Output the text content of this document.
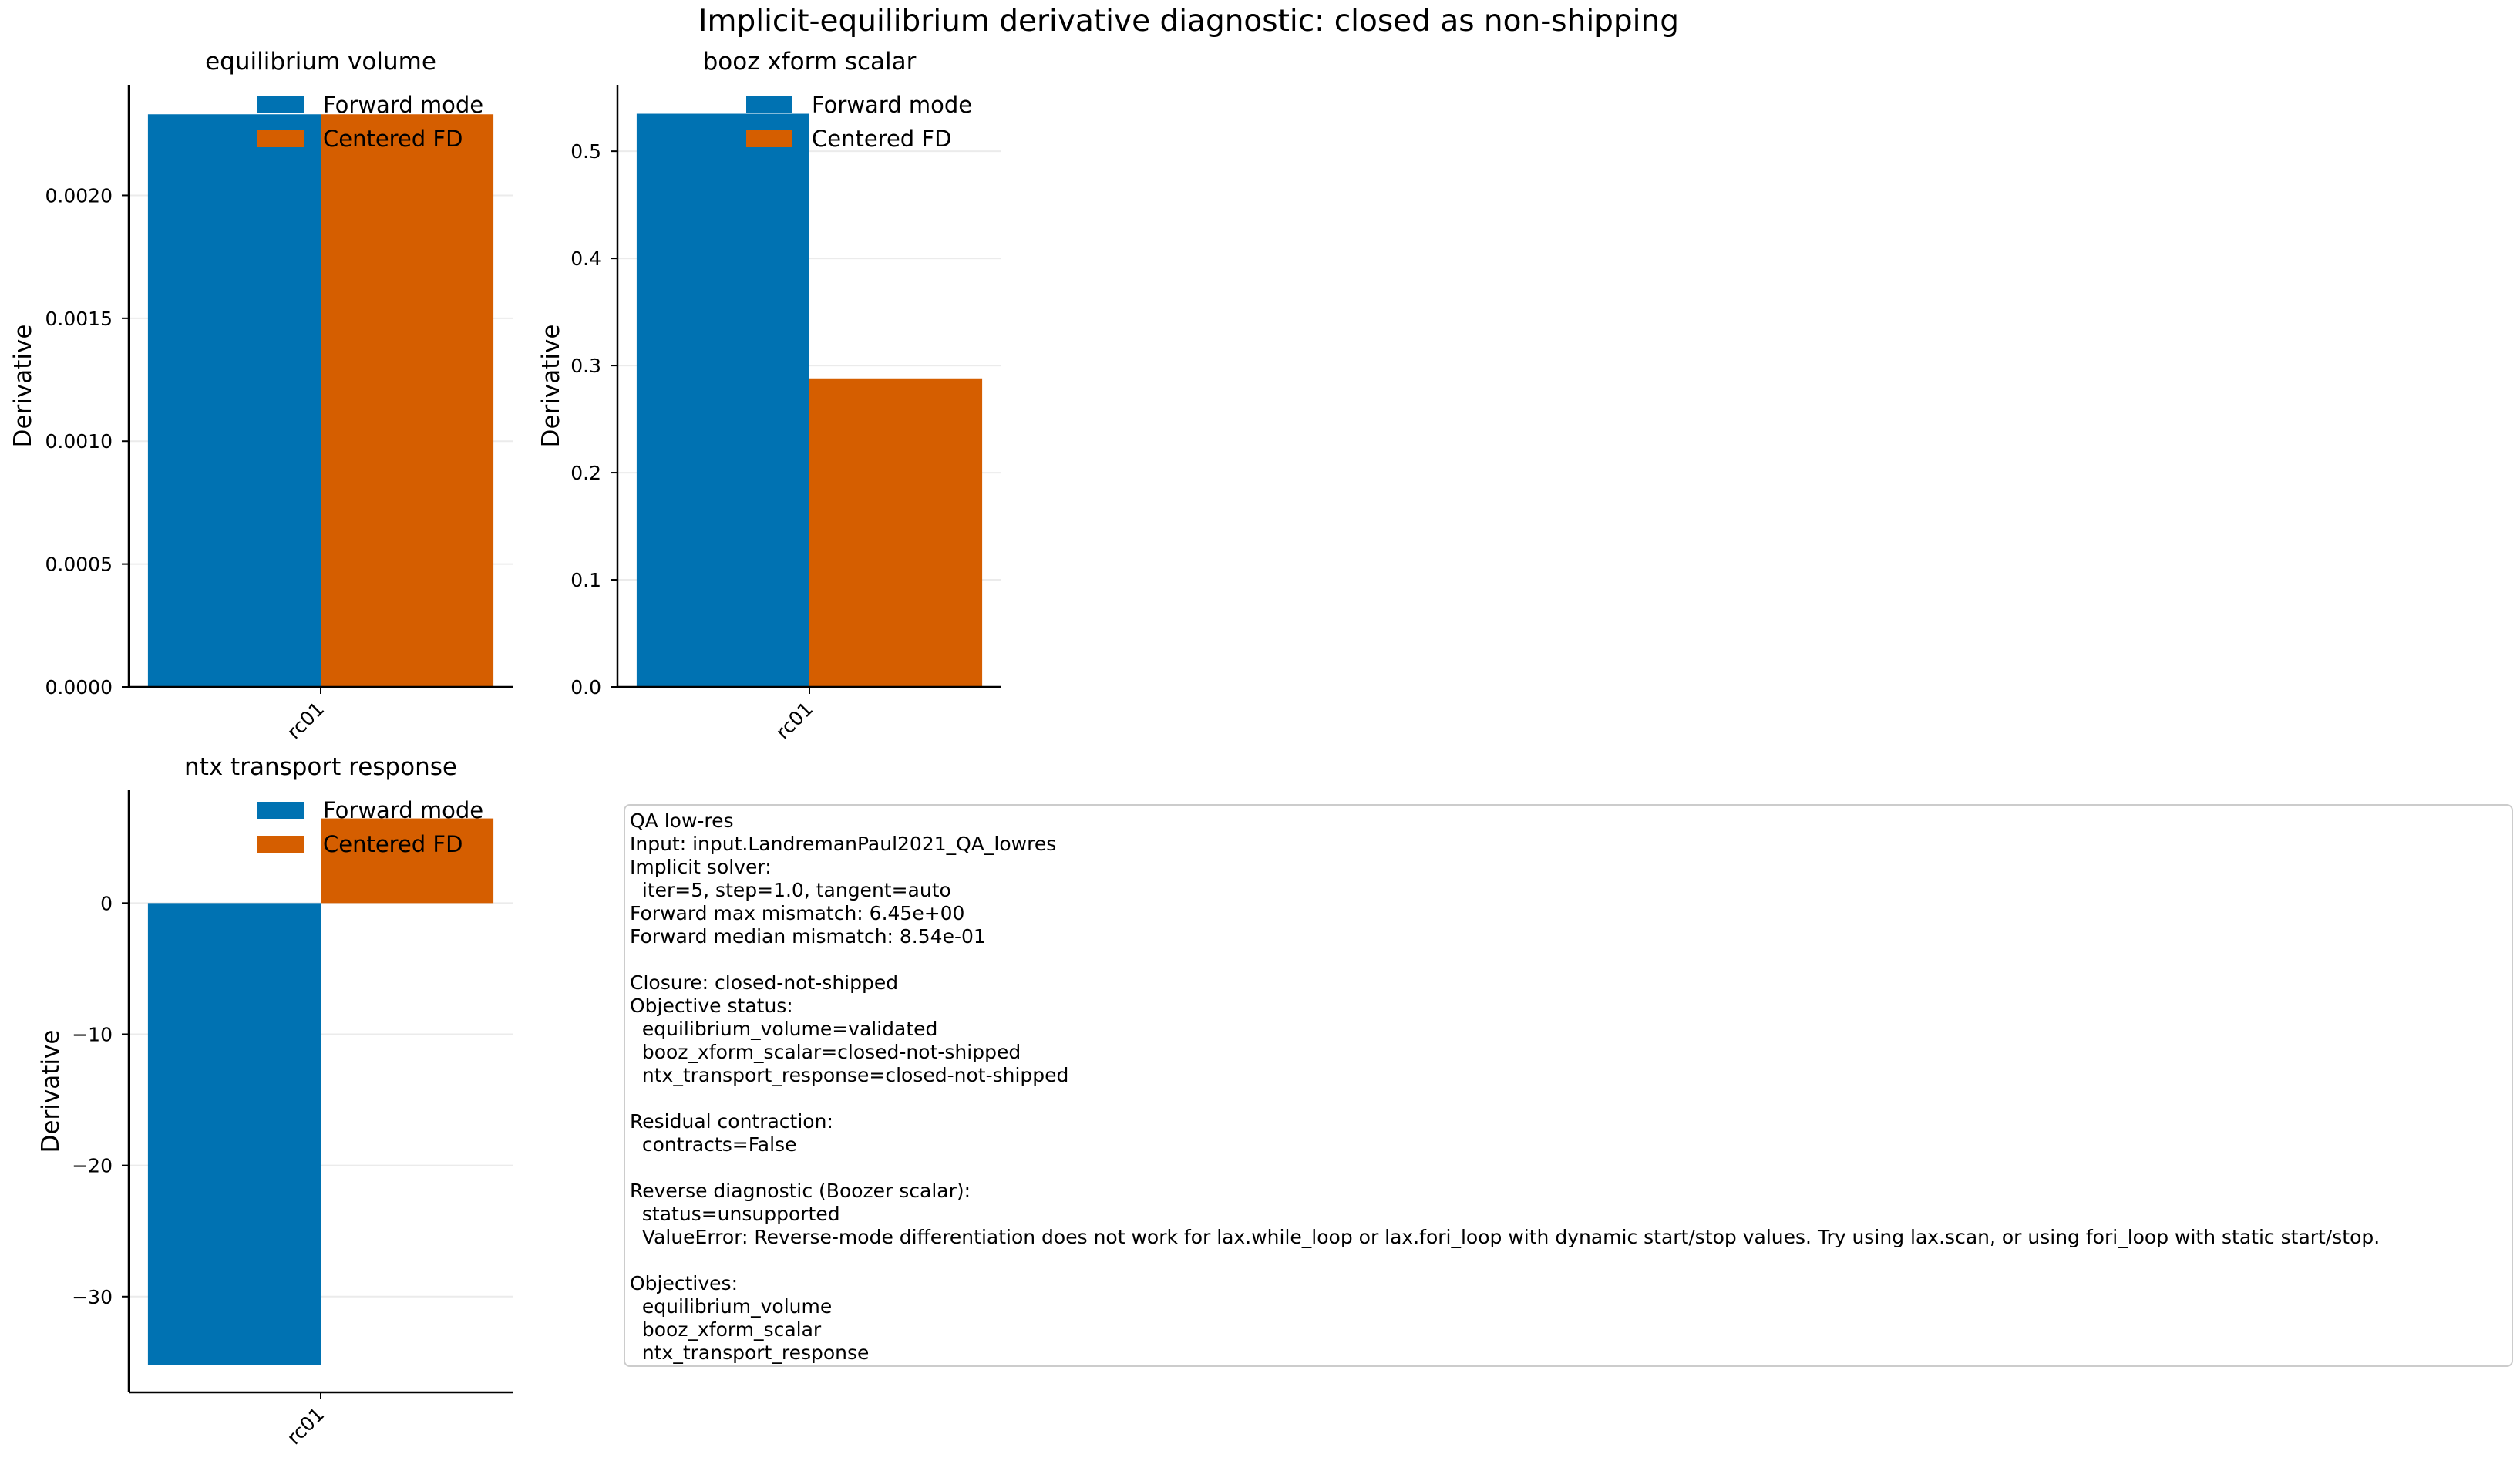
Implicit-equilibrium derivative diagnostic: closed as non-shipping
0.0000
0.0005
0.0010
0.0015
0.0020
rc01
equilibrium volume
Derivative
Forward mode
Centered FD
0.0
0.1
0.2
0.3
0.4
0.5
rc01
booz xform scalar
Derivative
Forward mode
Centered FD
0
−10
−20
−30
rc01
ntx transport response
Derivative
Forward mode
Centered FD
QA low-res
Input: input.LandremanPaul2021_QA_lowres
Implicit solver:
iter=5, step=1.0, tangent=auto
Forward max mismatch: 6.45e+00
Forward median mismatch: 8.54e-01
Closure: closed-not-shipped
Objective status:
equilibrium_volume=validated
booz_xform_scalar=closed-not-shipped
ntx_transport_response=closed-not-shipped
Residual contraction:
contracts=False
Reverse diagnostic (Boozer scalar):
status=unsupported
ValueError: Reverse-mode differentiation does not work for lax.while_loop or lax.fori_loop with dynamic start/stop values. Try using lax.scan, or using fori_loop with static start/stop.
Objectives:
equilibrium_volume
booz_xform_scalar
ntx_transport_response
